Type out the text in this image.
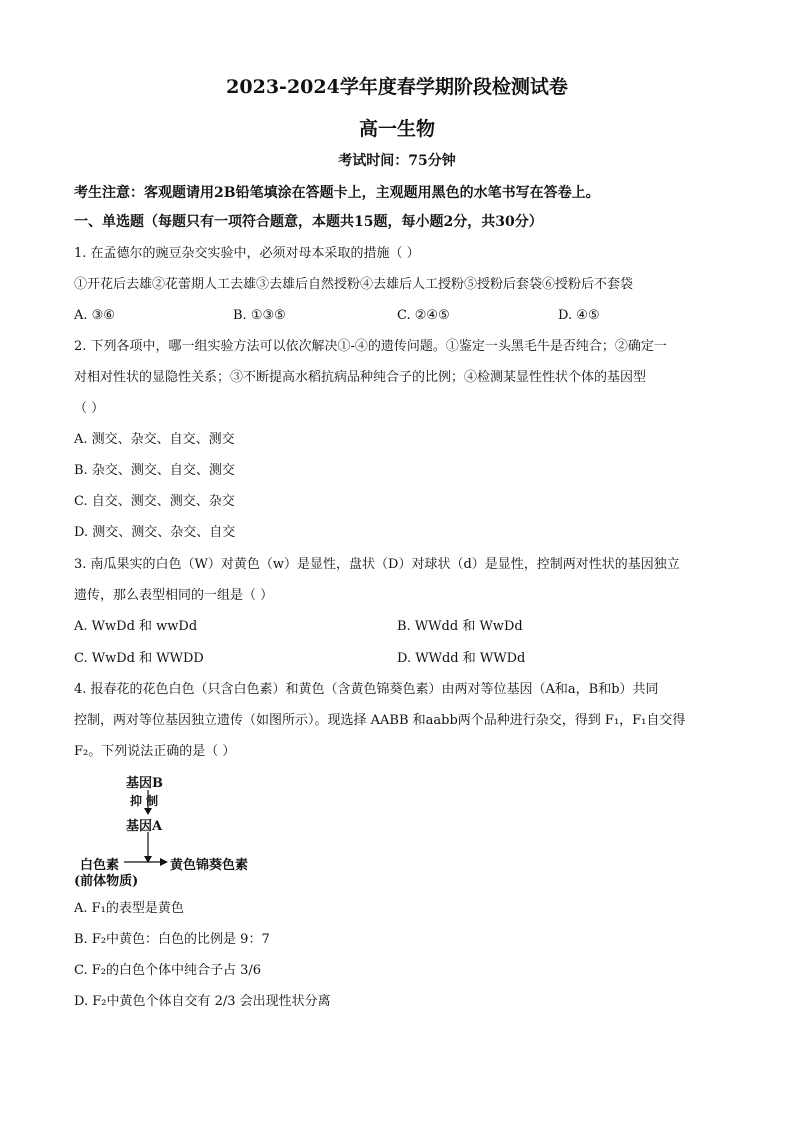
2023-2024学年度春学期阶段检测试卷
高一生物
考试时间：75分钟
考生注意：客观题请用2B铅笔填涂在答题卡上，主观题用黑色的水笔书写在答卷上。
一、单选题（每题只有一项符合题意，本题共15题，每小题2分，共30分）
1. 在孟德尔的豌豆杂交实验中，必须对母本采取的措施（ ）
①开花后去雄②花蕾期人工去雄③去雄后自然授粉④去雄后人工授粉⑤授粉后套袋⑥授粉后不套袋
A. ③⑥	B. ①③⑤	C. ②④⑤	D. ④⑤
2. 下列各项中，哪一组实验方法可以依次解决①-④的遗传问题。①鉴定一头黑毛牛是否纯合；②确定一
对相对性状的显隐性关系；③不断提高水稻抗病品种纯合子的比例；④检测某显性性状个体的基因型
（ ）
A. 测交、杂交、自交、测交
B. 杂交、测交、自交、测交
C. 自交、测交、测交、杂交
D. 测交、测交、杂交、自交
3. 南瓜果实的白色（W）对黄色（w）是显性，盘状（D）对球状（d）是显性，控制两对性状的基因独立
遗传，那么表型相同的一组是（ ）
A. WwDd 和 wwDd	B. WWdd 和 WwDd
C. WwDd 和 WWDD	D. WWdd 和 WWDd
4. 报春花的花色白色（只含白色素）和黄色（含黄色锦葵色素）由两对等位基因（A和a，B和b）共同
控制，两对等位基因独立遗传（如图所示）。现选择 AABB 和aabb两个品种进行杂交，得到 F₁，F₁自交得
F₂。下列说法正确的是（ ）
基因B
抑 制
基因A
白色素	黄色锦葵色素
(前体物质)
A. F₁的表型是黄色
B. F₂中黄色：白色的比例是 9：7
C. F₂的白色个体中纯合子占 3/6
D. F₂中黄色个体自交有 2/3 会出现性状分离
